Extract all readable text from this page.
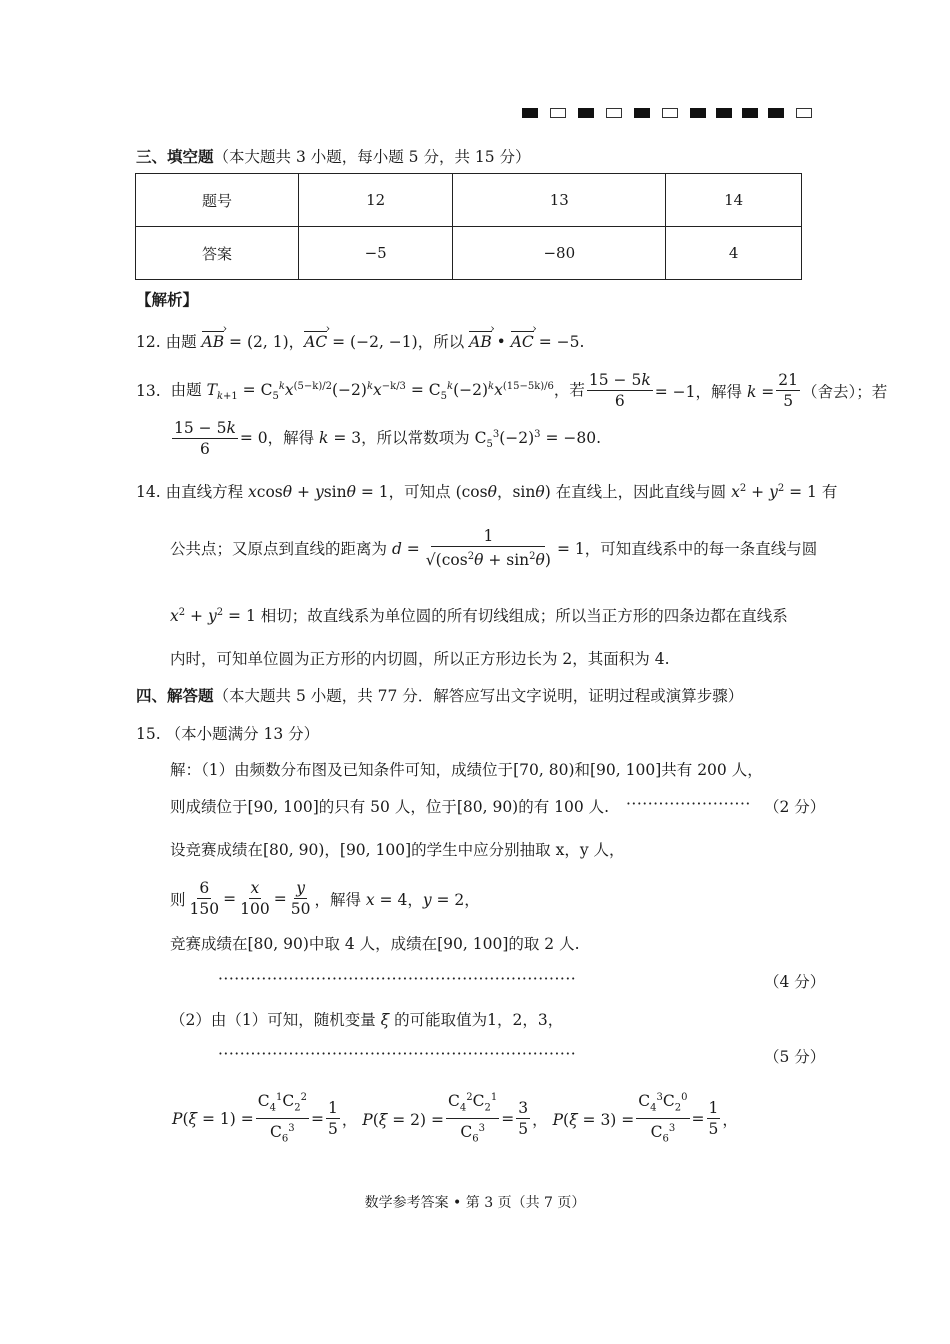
三、填空题（本大题共 3 小题，每小题 5 分，共 15 分）
题号	12	13	14
答案	−5	−80	4
【解析】
12. 由题 AB › = (2, 1)，AC › = (−2, −1)，所以 AB › • AC › = −5.
13. 由题 $T_{k+1} = C_5^kx^{(5-k)/2}(-2)^kx^{-k/3} = C_5^k(-2)^kx^{(15-5k)/6}$，若 $\frac{15 - 5k}{6} = -1$，解得 $k = \frac{21}{5}$ （舍去）；若
$\frac{15 - 5k}{6} = 0$，解得 k = 3，所以常数项为 $C_5^3(-2)^3 = -80$.
14. 由直线方程 xcosθ + ysinθ = 1，可知点 (cosθ，sinθ) 在直线上，因此直线与圆 $x^2 + y^2 = 1$ 有
公共点；又原点到直线的距离为 $d = \frac{1}{√(\cos^2\theta + \sin^2\theta)} = 1$，可知直线系中的每一条直线与圆
$x^2 + y^2 = 1$ 相切；故直线系为单位圆的所有切线组成；所以当正方形的四条边都在直线系
内时，可知单位圆为正方形的内切圆，所以正方形边长为 2，其面积为 4.
四、解答题（本大题共 5 小题，共 77 分．解答应写出文字说明，证明过程或演算步骤）
15. （本小题满分 13 分）
解：（1）由频数分布图及已知条件可知，成绩位于[70, 80)和[90, 100]共有 200 人，
则成绩位于[90, 100]的只有 50 人，位于[80, 90)的有 100 人. ······················· （2 分）
设竞赛成绩在[80, 90)，[90, 100]的学生中应分别抽取 x，y 人，
则 $\frac{6}{150} = \frac{x}{100} = \frac{y}{50}$ ，解得 x = 4，y = 2，
竞赛成绩在[80, 90)中取 4 人，成绩在[90, 100]的取 2 人.
··································································	（4 分）
（2）由（1）可知，随机变量 ξ 的可能取值为1，2，3，
··································································	（5 分）
$P(\xi = 1) = \frac{C_4^1C_2^2}{C_6^3} = \frac{1}{5}$ ， $P(\xi = 2) = \frac{C_4^2C_2^1}{C_6^3} = \frac{3}{5}$ ， $P(\xi = 3) = \frac{C_4^3C_2^0}{C_6^3} = \frac{1}{5}$ ，
数学参考答案 • 第 3 页（共 7 页）
